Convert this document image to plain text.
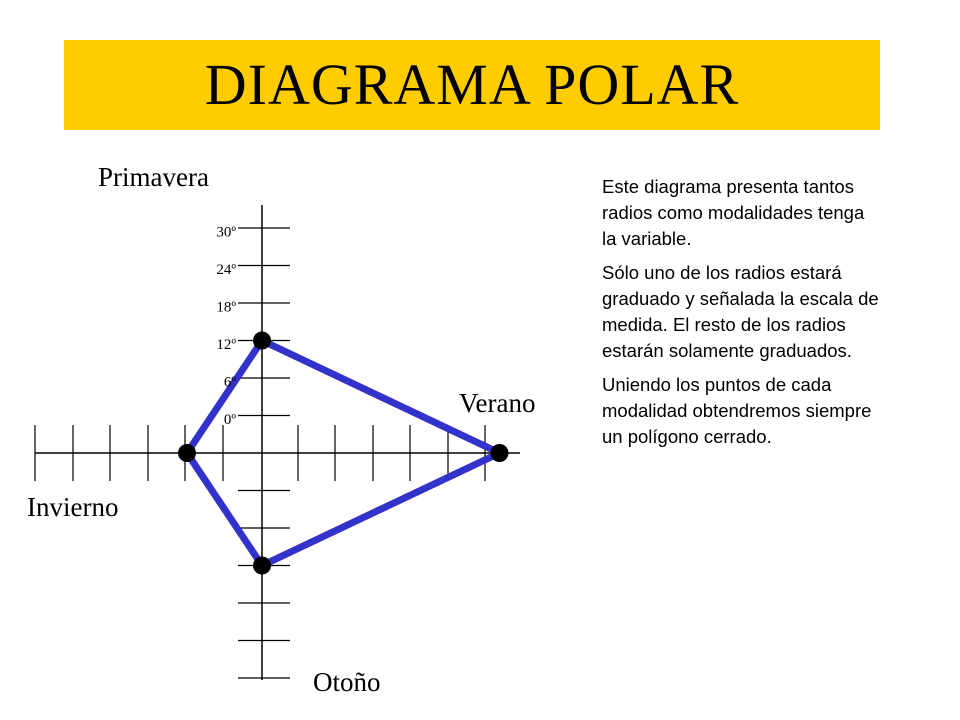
DIAGRAMA POLAR
0º
6º
12º
18º
24º
30º
Primavera
Verano
Otoño
Invierno

Este diagrama presenta tantos radios como modalidades tenga la variable.

Sólo uno de los radios estará graduado y señalada la escala de medida. El resto de los radios estarán solamente graduados.

Uniendo los puntos de cada modalidad obtendremos siempre un polígono cerrado.
